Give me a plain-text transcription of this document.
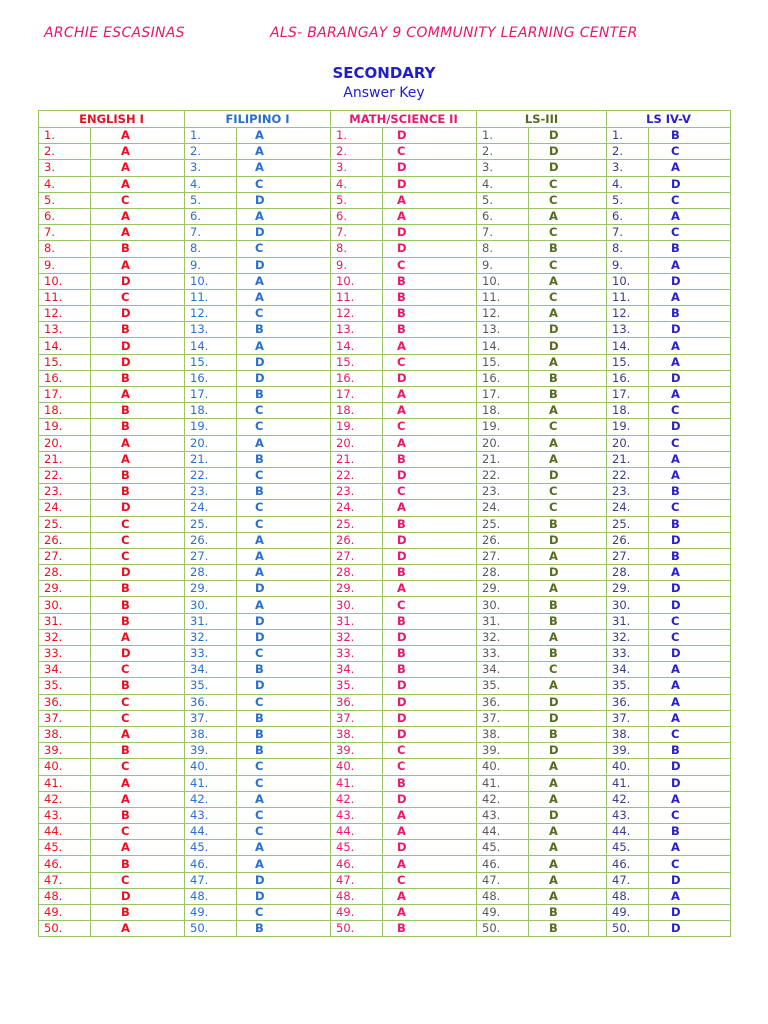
ARCHIE ESCASINAS	ALS- BARANGAY 9 COMMUNITY LEARNING CENTER
SECONDARY
Answer Key
ENGLISH I		FILIPINO I		MATH/SCIENCE II		LS-III		LS IV-V	
1.	A	1.	A	1.	D	1.	D	1.	B
2.	A	2.	A	2.	C	2.	D	2.	C
3.	A	3.	A	3.	D	3.	D	3.	A
4.	A	4.	C	4.	D	4.	C	4.	D
5.	C	5.	D	5.	A	5.	C	5.	C
6.	A	6.	A	6.	A	6.	A	6.	A
7.	A	7.	D	7.	D	7.	C	7.	C
8.	B	8.	C	8.	D	8.	B	8.	B
9.	A	9.	D	9.	C	9.	C	9.	A
10.	D	10.	A	10.	B	10.	A	10.	D
11.	C	11.	A	11.	B	11.	C	11.	A
12.	D	12.	C	12.	B	12.	A	12.	B
13.	B	13.	B	13.	B	13.	D	13.	D
14.	D	14.	A	14.	A	14.	D	14.	A
15.	D	15.	D	15.	C	15.	A	15.	A
16.	B	16.	D	16.	D	16.	B	16.	D
17.	A	17.	B	17.	A	17.	B	17.	A
18.	B	18.	C	18.	A	18.	A	18.	C
19.	B	19.	C	19.	C	19.	C	19.	D
20.	A	20.	A	20.	A	20.	A	20.	C
21.	A	21.	B	21.	B	21.	A	21.	A
22.	B	22.	C	22.	D	22.	D	22.	A
23.	B	23.	B	23.	C	23.	C	23.	B
24.	D	24.	C	24.	A	24.	C	24.	C
25.	C	25.	C	25.	B	25.	B	25.	B
26.	C	26.	A	26.	D	26.	D	26.	D
27.	C	27.	A	27.	D	27.	A	27.	B
28.	D	28.	A	28.	B	28.	D	28.	A
29.	B	29.	D	29.	A	29.	A	29.	D
30.	B	30.	A	30.	C	30.	B	30.	D
31.	B	31.	D	31.	B	31.	B	31.	C
32.	A	32.	D	32.	D	32.	A	32.	C
33.	D	33.	C	33.	B	33.	B	33.	D
34.	C	34.	B	34.	B	34.	C	34.	A
35.	B	35.	D	35.	D	35.	A	35.	A
36.	C	36.	C	36.	D	36.	D	36.	A
37.	C	37.	B	37.	D	37.	D	37.	A
38.	A	38.	B	38.	D	38.	B	38.	C
39.	B	39.	B	39.	C	39.	D	39.	B
40.	C	40.	C	40.	C	40.	A	40.	D
41.	A	41.	C	41.	B	41.	A	41.	D
42.	A	42.	A	42.	D	42.	A	42.	A
43.	B	43.	C	43.	A	43.	D	43.	C
44.	C	44.	C	44.	A	44.	A	44.	B
45.	A	45.	A	45.	D	45.	A	45.	A
46.	B	46.	A	46.	A	46.	A	46.	C
47.	C	47.	D	47.	C	47.	A	47.	D
48.	D	48.	D	48.	A	48.	A	48.	A
49.	B	49.	C	49.	A	49.	B	49.	D
50.	A	50.	B	50.	B	50.	B	50.	D
